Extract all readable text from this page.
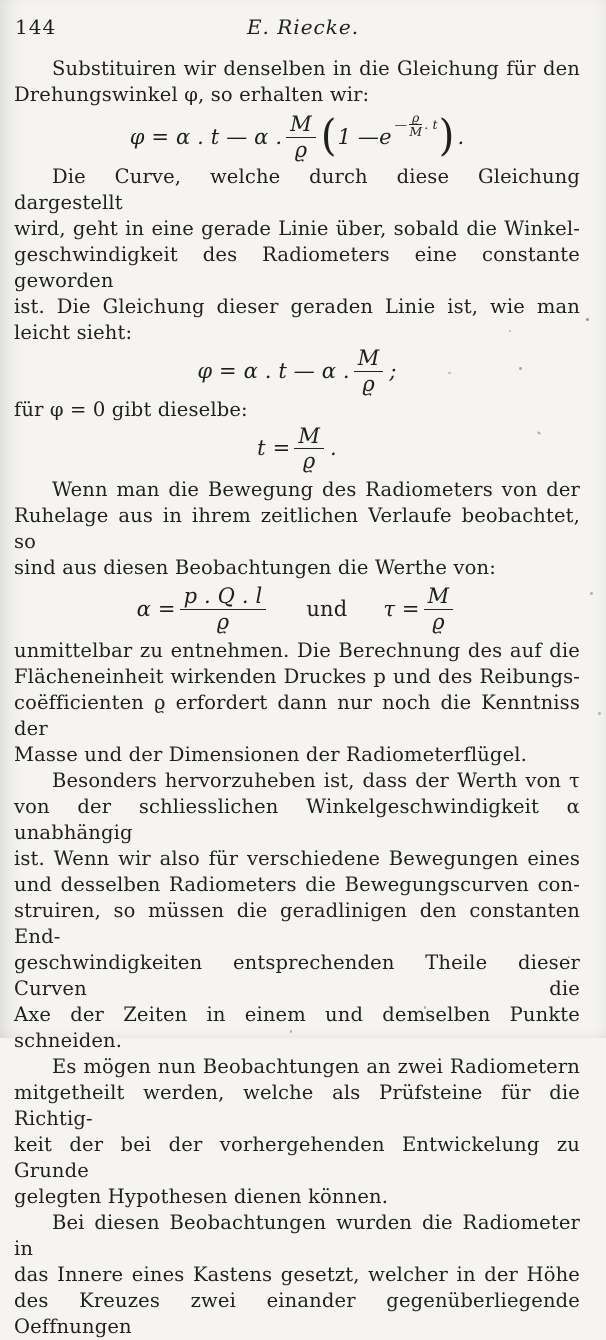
144	E. Riecke.

Substituiren wir denselben in die Gleichung für den
Drehungswinkel φ, so erhalten wir:

φ = α . t — α . $\frac{M}{ϱ}$ ( 1 — e — $\frac{ϱ}{M}$ . t ) .

Die Curve, welche durch diese Gleichung dargestellt
wird, geht in eine gerade Linie über, sobald die Winkel-
geschwindigkeit des Radiometers eine constante geworden
ist. Die Gleichung dieser geraden Linie ist, wie man
leicht sieht:

φ = α . t — α . $\frac{M}{ϱ}$ ;

für φ = 0 gibt dieselbe:

$t = \frac{M}{ϱ}$ .

Wenn man die Bewegung des Radiometers von der
Ruhelage aus in ihrem zeitlichen Verlaufe beobachtet, so
sind aus diesen Beobachtungen die Werthe von:

$\alpha = \frac{p . Q . l}{ϱ}$ und $\tau = \frac{M}{ϱ}$

unmittelbar zu entnehmen. Die Berechnung des auf die
Flächeneinheit wirkenden Druckes p und des Reibungs-
coëfficienten ϱ erfordert dann nur noch die Kenntniss der
Masse und der Dimensionen der Radiometerflügel.

Besonders hervorzuheben ist, dass der Werth von τ
von der schliesslichen Winkelgeschwindigkeit α unabhängig
ist. Wenn wir also für verschiedene Bewegungen eines
und desselben Radiometers die Bewegungscurven con-
struiren, so müssen die geradlinigen den constanten End-
geschwindigkeiten entsprechenden Theile dieser Curven die
Axe der Zeiten in einem und demselben Punkte schneiden.

Es mögen nun Beobachtungen an zwei Radiometern
mitgetheilt werden, welche als Prüfsteine für die Richtig-
keit der bei der vorhergehenden Entwickelung zu Grunde
gelegten Hypothesen dienen können.

Bei diesen Beobachtungen wurden die Radiometer in
das Innere eines Kastens gesetzt, welcher in der Höhe
des Kreuzes zwei einander gegenüberliegende Oeffnungen
